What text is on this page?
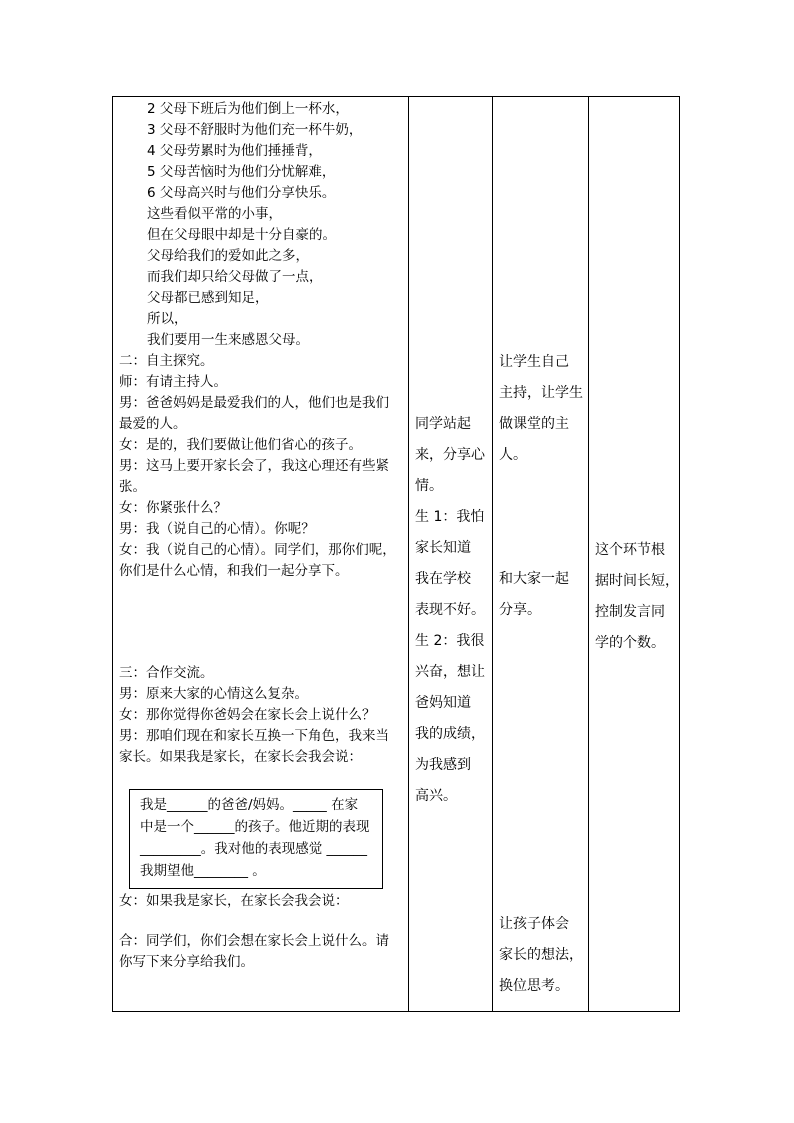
2 父母下班后为他们倒上一杯水，
3 父母不舒服时为他们充一杯牛奶，
4 父母劳累时为他们捶捶背，
5 父母苦恼时为他们分忧解难，
6 父母高兴时与他们分享快乐。
这些看似平常的小事，
但在父母眼中却是十分自豪的。
父母给我们的爱如此之多，
而我们却只给父母做了一点，
父母都已感到知足，
所以，
我们要用一生来感恩父母。
二：自主探究。
师：有请主持人。
男：爸爸妈妈是最爱我们的人，他们也是我们
最爱的人。
女：是的，我们要做让他们省心的孩子。
男：这马上要开家长会了，我这心理还有些紧
张。
女：你紧张什么？
男：我（说自己的心情）。你呢？
女：我（说自己的心情）。同学们，那你们呢，
你们是什么心情，和我们一起分享下。
三：合作交流。
男：原来大家的心情这么复杂。
女：那你觉得你爸妈会在家长会上说什么？
男：那咱们现在和家长互换一下角色，我来当
家长。如果我是家长，在家长会我会说：
我是______的爸爸/妈妈。_____ 在家
中是一个______的孩子。他近期的表现
_________。我对他的表现感觉 ______
我期望他________ 。
女：如果我是家长，在家长会我会说：
合：同学们，你们会想在家长会上说什么。请
你写下来分享给我们。
同学站起
来，分享心
情。
生 1：我怕
家长知道
我在学校
表现不好。
生 2：我很
兴奋，想让
爸妈知道
我的成绩，
为我感到
高兴。
让学生自己
主持，让学生
做课堂的主
人。
和大家一起
分享。
让孩子体会
家长的想法，
换位思考。
这个环节根
据时间长短，
控制发言同
学的个数。
